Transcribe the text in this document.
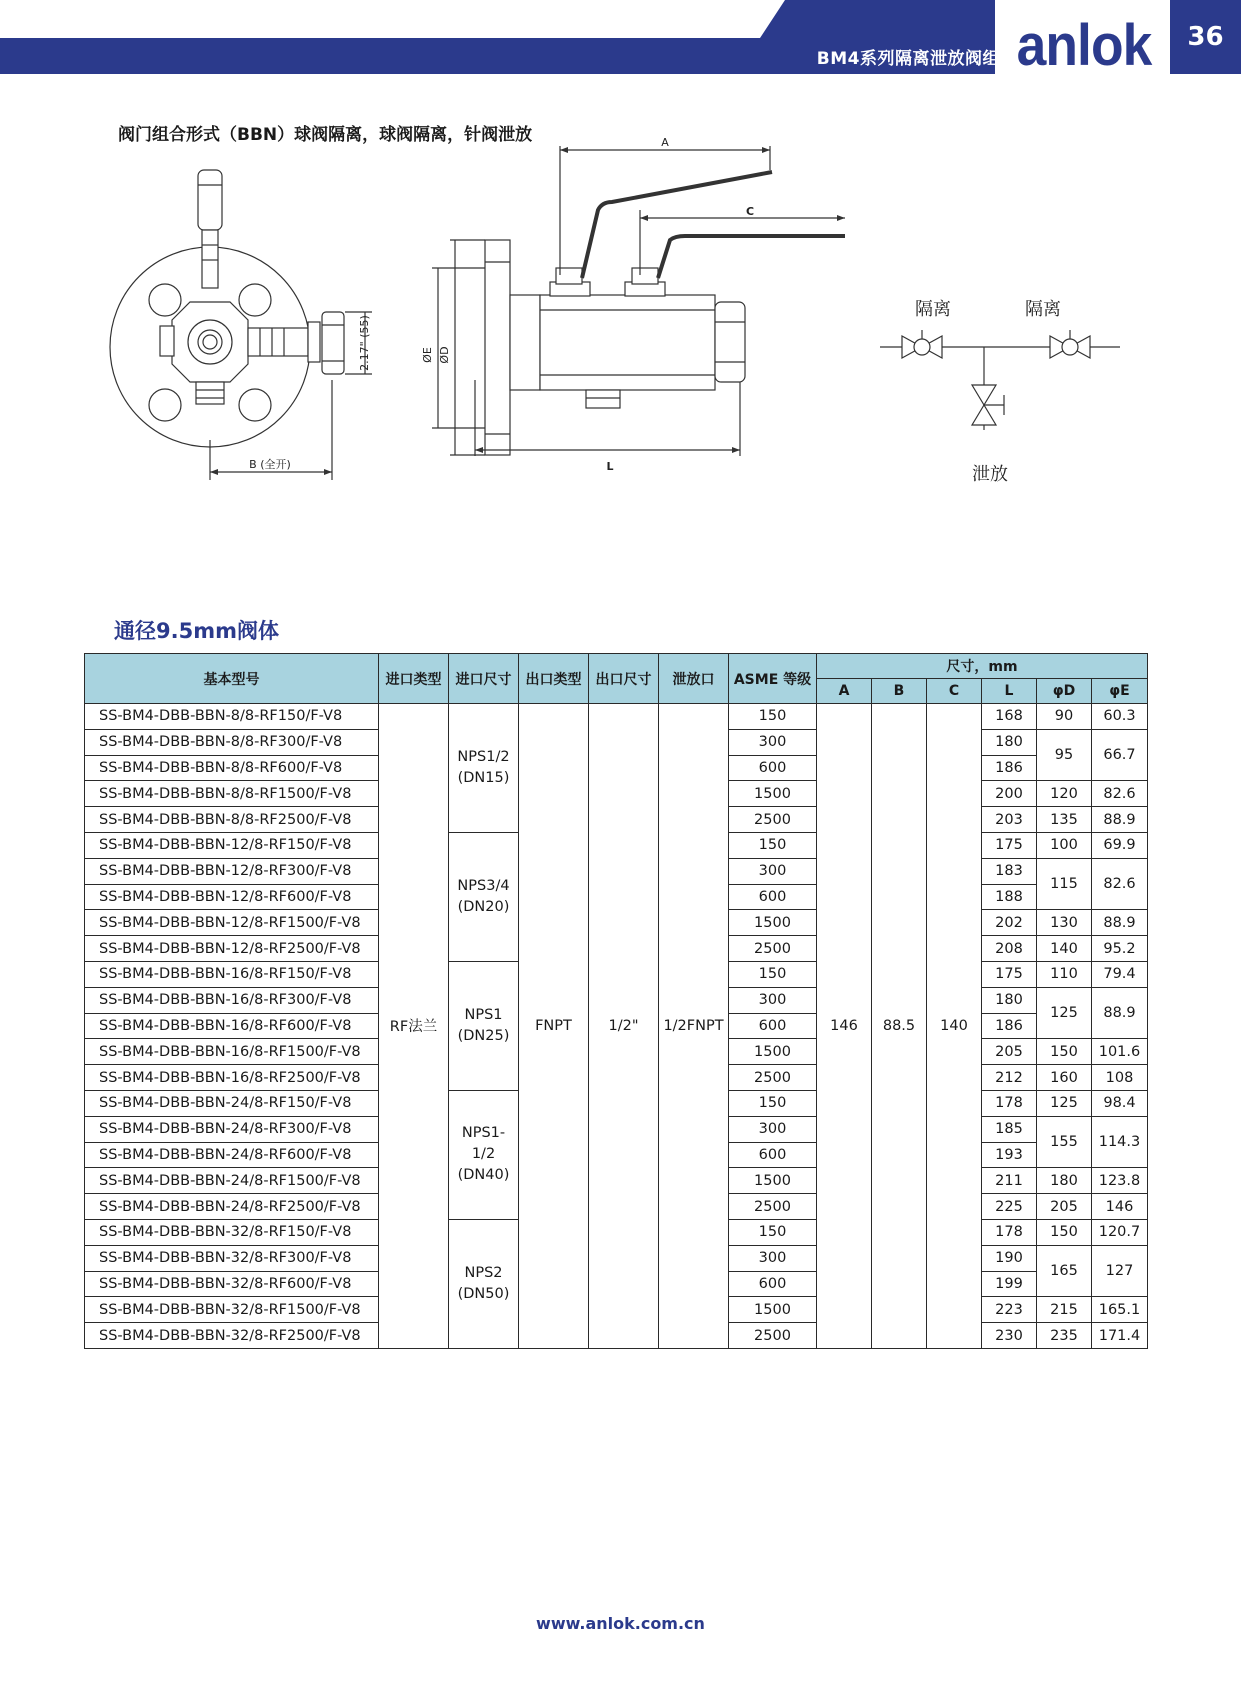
BM4系列隔离泄放阀组 anlok	36
阀门组合形式（BBN）球阀隔离，球阀隔离，针阀泄放	A
C
L
ØD
ØE
B (全开)
2.17" (55)
隔离	隔离
泄放
通径9.5mm阀体
基本型号	进口类型	进口尺寸	出口类型	出口尺寸	泄放口	ASME 等级	尺寸，mm					
							A	B	C	L	φD	φE
SS-BM4-DBB-BBN-8/8-RF150/F-V8	RF法兰	NPS1/2
(DN15)	FNPT	1/2"	1/2FNPT	150	146	88.5	140	168	90	60.3
SS-BM4-DBB-BBN-8/8-RF300/F-V8						300				180	95	66.7
SS-BM4-DBB-BBN-8/8-RF600/F-V8						600				186		
SS-BM4-DBB-BBN-8/8-RF1500/F-V8						1500				200	120	82.6
SS-BM4-DBB-BBN-8/8-RF2500/F-V8						2500				203	135	88.9
SS-BM4-DBB-BBN-12/8-RF150/F-V8		NPS3/4
(DN20)				150				175	100	69.9
SS-BM4-DBB-BBN-12/8-RF300/F-V8						300				183	115	82.6
SS-BM4-DBB-BBN-12/8-RF600/F-V8						600				188		
SS-BM4-DBB-BBN-12/8-RF1500/F-V8						1500				202	130	88.9
SS-BM4-DBB-BBN-12/8-RF2500/F-V8						2500				208	140	95.2
SS-BM4-DBB-BBN-16/8-RF150/F-V8		NPS1
(DN25)				150				175	110	79.4
SS-BM4-DBB-BBN-16/8-RF300/F-V8						300				180	125	88.9
SS-BM4-DBB-BBN-16/8-RF600/F-V8						600				186		
SS-BM4-DBB-BBN-16/8-RF1500/F-V8						1500				205	150	101.6
SS-BM4-DBB-BBN-16/8-RF2500/F-V8						2500				212	160	108
SS-BM4-DBB-BBN-24/8-RF150/F-V8		NPS1-
1/2
(DN40)				150				178	125	98.4
SS-BM4-DBB-BBN-24/8-RF300/F-V8						300				185	155	114.3
SS-BM4-DBB-BBN-24/8-RF600/F-V8						600				193		
SS-BM4-DBB-BBN-24/8-RF1500/F-V8						1500				211	180	123.8
SS-BM4-DBB-BBN-24/8-RF2500/F-V8						2500				225	205	146
SS-BM4-DBB-BBN-32/8-RF150/F-V8		NPS2
(DN50)				150				178	150	120.7
SS-BM4-DBB-BBN-32/8-RF300/F-V8						300				190	165	127
SS-BM4-DBB-BBN-32/8-RF600/F-V8						600				199		
SS-BM4-DBB-BBN-32/8-RF1500/F-V8						1500				223	215	165.1
SS-BM4-DBB-BBN-32/8-RF2500/F-V8						2500				230	235	171.4
www.anlok.com.cn
